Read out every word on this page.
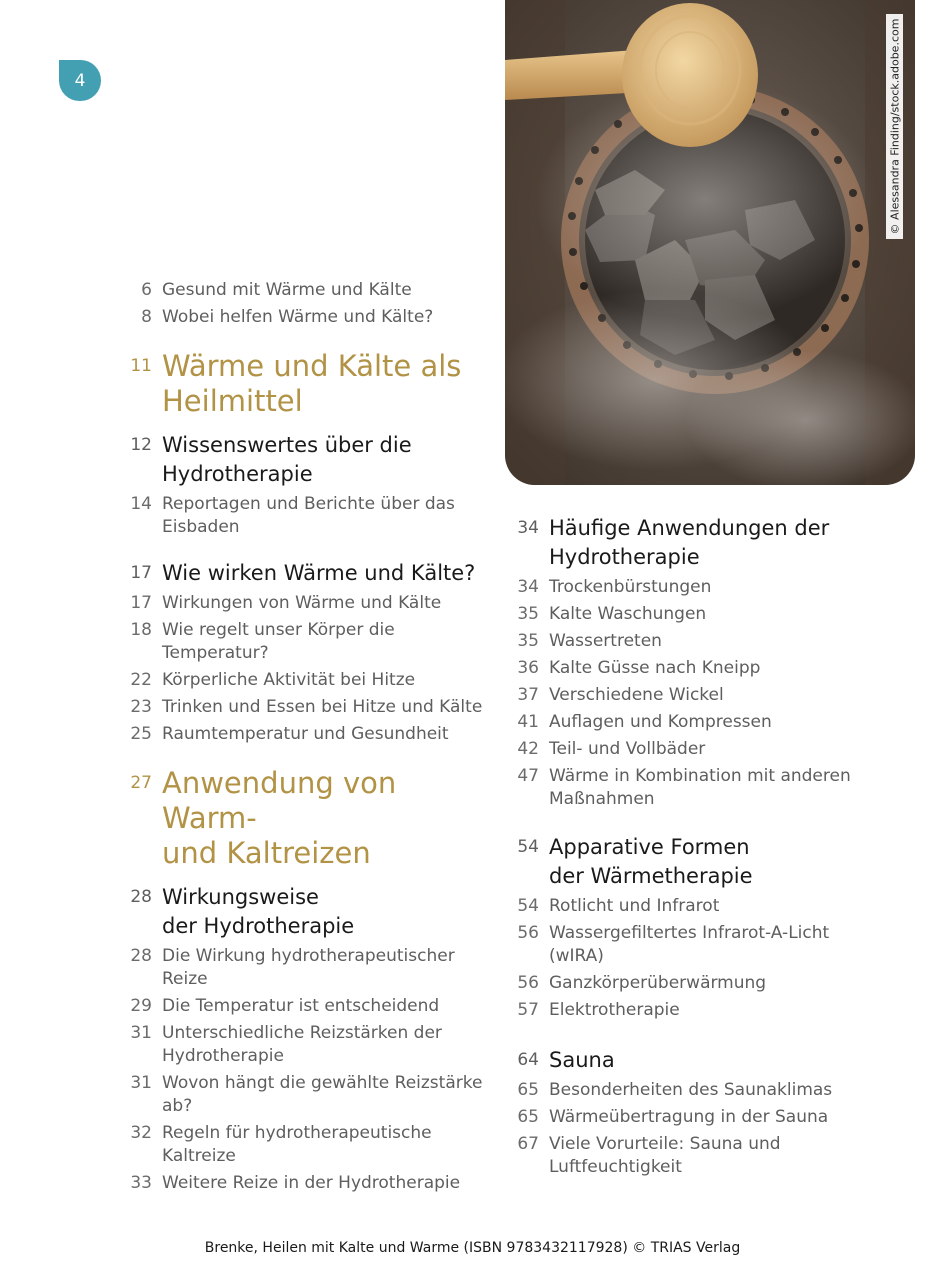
4	© Alessandra Finding/stock.adobe.com
6 Gesund mit Wärme und Kälte
8 Wobei helfen Wärme und Kälte?
11 Wärme und Kälte als
Heilmittel
12 Wissenswertes über die
Hydrotherapie
14 Reportagen und Berichte über das
Eisbaden
17 Wie wirken Wärme und Kälte?
17 Wirkungen von Wärme und Kälte
18 Wie regelt unser Körper die
Temperatur?
22 Körperliche Aktivität bei Hitze
23 Trinken und Essen bei Hitze und Kälte
25 Raumtemperatur und Gesundheit
27 Anwendung von Warm-
und Kaltreizen
28 Wirkungsweise
der Hydrotherapie
28 Die Wirkung hydrotherapeutischer
Reize
29 Die Temperatur ist entscheidend
31 Unterschiedliche Reizstärken der
Hydrotherapie
31 Wovon hängt die gewählte Reizstärke
ab?
32 Regeln für hydrotherapeutische
Kaltreize
33 Weitere Reize in der Hydrotherapie
34 Häufige Anwendungen der
Hydrotherapie
34 Trockenbürstungen
35 Kalte Waschungen
35 Wassertreten
36 Kalte Güsse nach Kneipp
37 Verschiedene Wickel
41 Auflagen und Kompressen
42 Teil- und Vollbäder
47 Wärme in Kombination mit anderen
Maßnahmen
54 Apparative Formen
der Wärmetherapie
54 Rotlicht und Infrarot
56 Wassergefiltertes Infrarot-A-Licht
(wIRA)
56 Ganzkörperüberwärmung
57 Elektrotherapie
64 Sauna
65 Besonderheiten des Saunaklimas
65 Wärmeübertragung in der Sauna
67 Viele Vorurteile: Sauna und
Luftfeuchtigkeit
Brenke, Heilen mit Kalte und Warme (ISBN 9783432117928) © TRIAS Verlag
